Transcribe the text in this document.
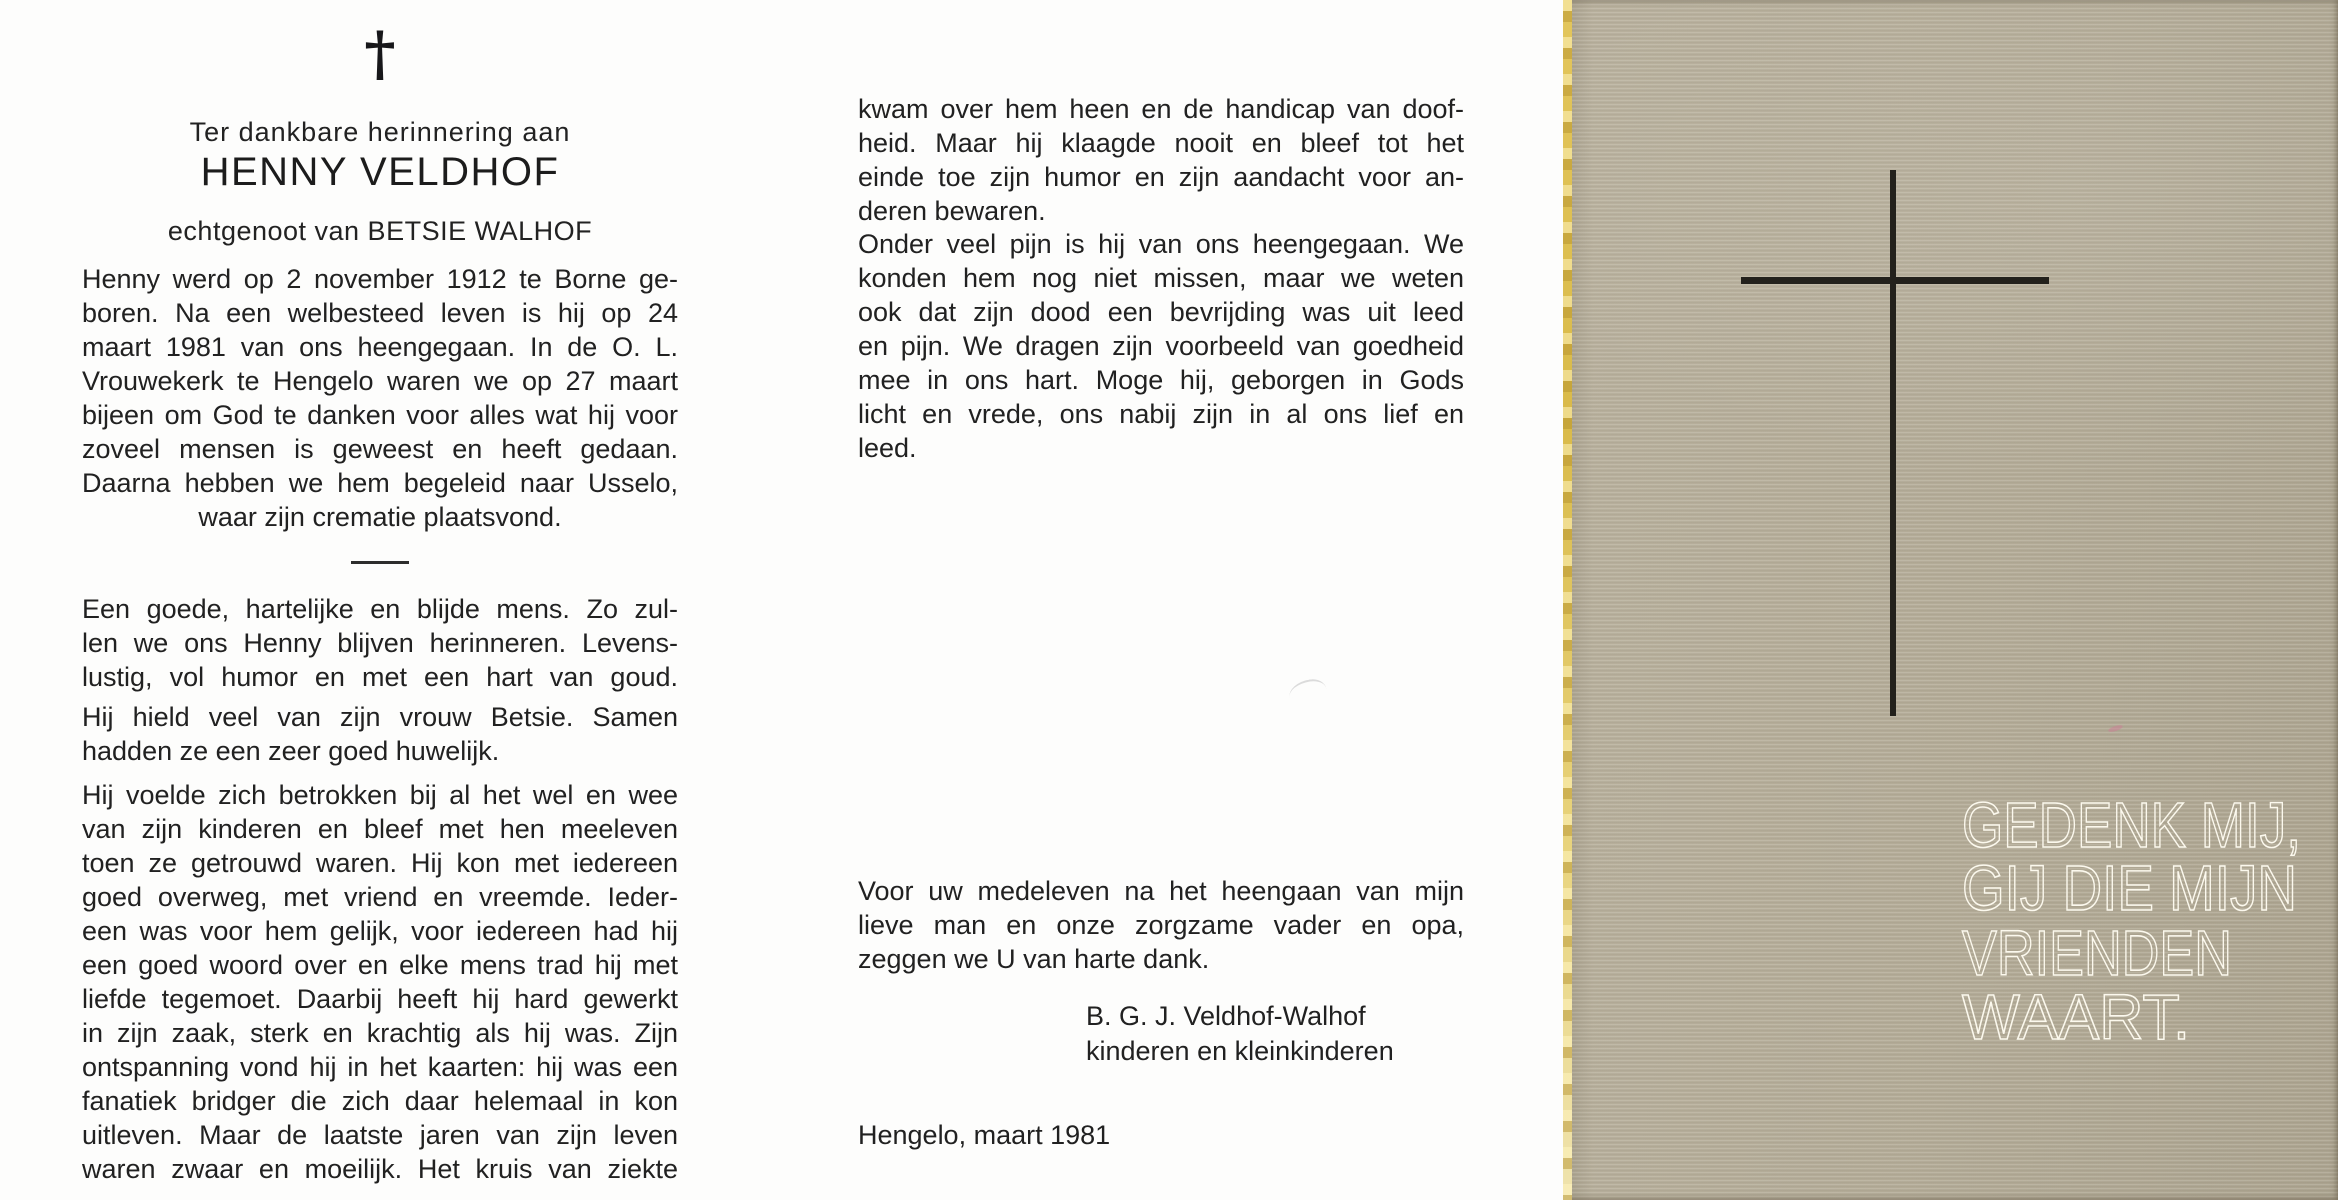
†
Ter dankbare herinnering aan
HENNY VELDHOF
echtgenoot van BETSIE WALHOF
Henny werd op 2 november 1912 te Borne ge-
boren. Na een welbesteed leven is hij op 24
maart 1981 van ons heengegaan. In de O. L.
Vrouwekerk te Hengelo waren we op 27 maart
bijeen om God te danken voor alles wat hij voor
zoveel mensen is geweest en heeft gedaan.
Daarna hebben we hem begeleid naar Usselo,
waar zijn crematie plaatsvond.
Een goede, hartelijke en blijde mens. Zo zul-
len we ons Henny blijven herinneren. Levens-
lustig, vol humor en met een hart van goud.
Hij hield veel van zijn vrouw Betsie. Samen
hadden ze een zeer goed huwelijk.
Hij voelde zich betrokken bij al het wel en wee
van zijn kinderen en bleef met hen meeleven
toen ze getrouwd waren. Hij kon met iedereen
goed overweg, met vriend en vreemde. Ieder-
een was voor hem gelijk, voor iedereen had hij
een goed woord over en elke mens trad hij met
liefde tegemoet. Daarbij heeft hij hard gewerkt
in zijn zaak, sterk en krachtig als hij was. Zijn
ontspanning vond hij in het kaarten: hij was een
fanatiek bridger die zich daar helemaal in kon
uitleven. Maar de laatste jaren van zijn leven
waren zwaar en moeilijk. Het kruis van ziekte
kwam over hem heen en de handicap van doof-
heid. Maar hij klaagde nooit en bleef tot het
einde toe zijn humor en zijn aandacht voor an-
deren bewaren.
Onder veel pijn is hij van ons heengegaan. We
konden hem nog niet missen, maar we weten
ook dat zijn dood een bevrijding was uit leed
en pijn. We dragen zijn voorbeeld van goedheid
mee in ons hart. Moge hij, geborgen in Gods
licht en vrede, ons nabij zijn in al ons lief en
leed.
Voor uw medeleven na het heengaan van mijn
lieve man en onze zorgzame vader en opa,
zeggen we U van harte dank.
B. G. J. Veldhof-Walhof
kinderen en kleinkinderen
Hengelo, maart 1981
GEDENK MIJ,
GIJ DIE MIJN
VRIENDEN
WAART.
